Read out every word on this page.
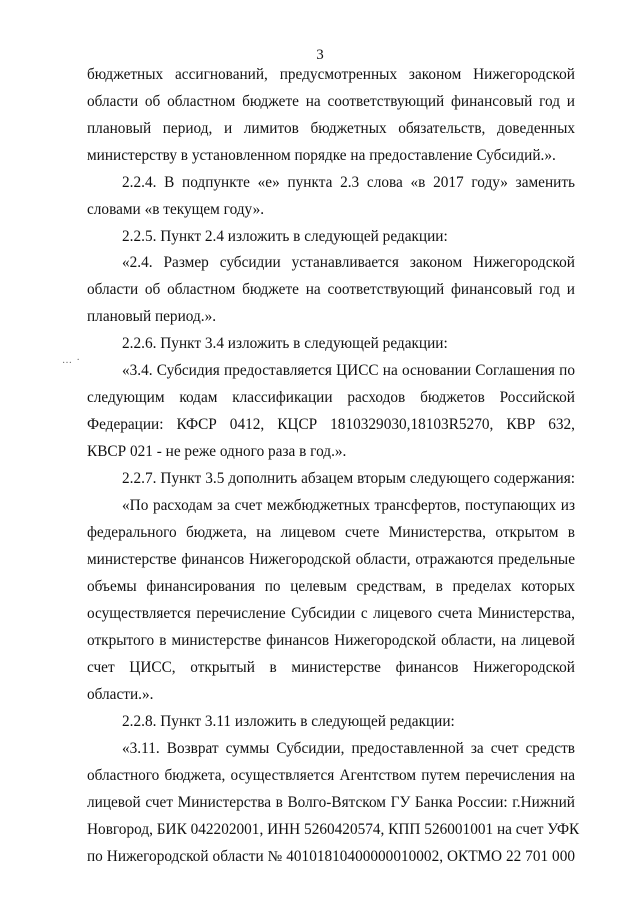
3
… ·
бюджетных ассигнований, предусмотренных законом Нижегородской
области об областном бюджете на соответствующий финансовый год и
плановый период, и лимитов бюджетных обязательств, доведенных
министерству в установленном порядке на предоставление Субсидий.».
2.2.4. В подпункте «е» пункта 2.3 слова «в 2017 году» заменить
словами «в текущем году».
2.2.5. Пункт 2.4 изложить в следующей редакции:
«2.4. Размер субсидии устанавливается законом Нижегородской
области об областном бюджете на соответствующий финансовый год и
плановый период.».
2.2.6. Пункт 3.4 изложить в следующей редакции:
«3.4. Субсидия предоставляется ЦИСС на основании Соглашения по
следующим кодам классификации расходов бюджетов Российской
Федерации: КФСР 0412, КЦСР 1810329030,18103R5270, КВР 632,
КВСР 021 - не реже одного раза в год.».
2.2.7. Пункт 3.5 дополнить абзацем вторым следующего содержания:
«По расходам за счет межбюджетных трансфертов, поступающих из
федерального бюджета, на лицевом счете Министерства, открытом в
министерстве финансов Нижегородской области, отражаются предельные
объемы финансирования по целевым средствам, в пределах которых
осуществляется перечисление Субсидии с лицевого счета Министерства,
открытого в министерстве финансов Нижегородской области, на лицевой
счет ЦИСС, открытый в министерстве финансов Нижегородской
области.».
2.2.8. Пункт 3.11 изложить в следующей редакции:
«3.11. Возврат суммы Субсидии, предоставленной за счет средств
областного бюджета, осуществляется Агентством путем перечисления на
лицевой счет Министерства в Волго-Вятском ГУ Банка России: г.Нижний
Новгород, БИК 042202001, ИНН 5260420574, КПП 526001001 на счет УФК
по Нижегородской области № 40101810400000010002, ОКТМО 22 701 000
